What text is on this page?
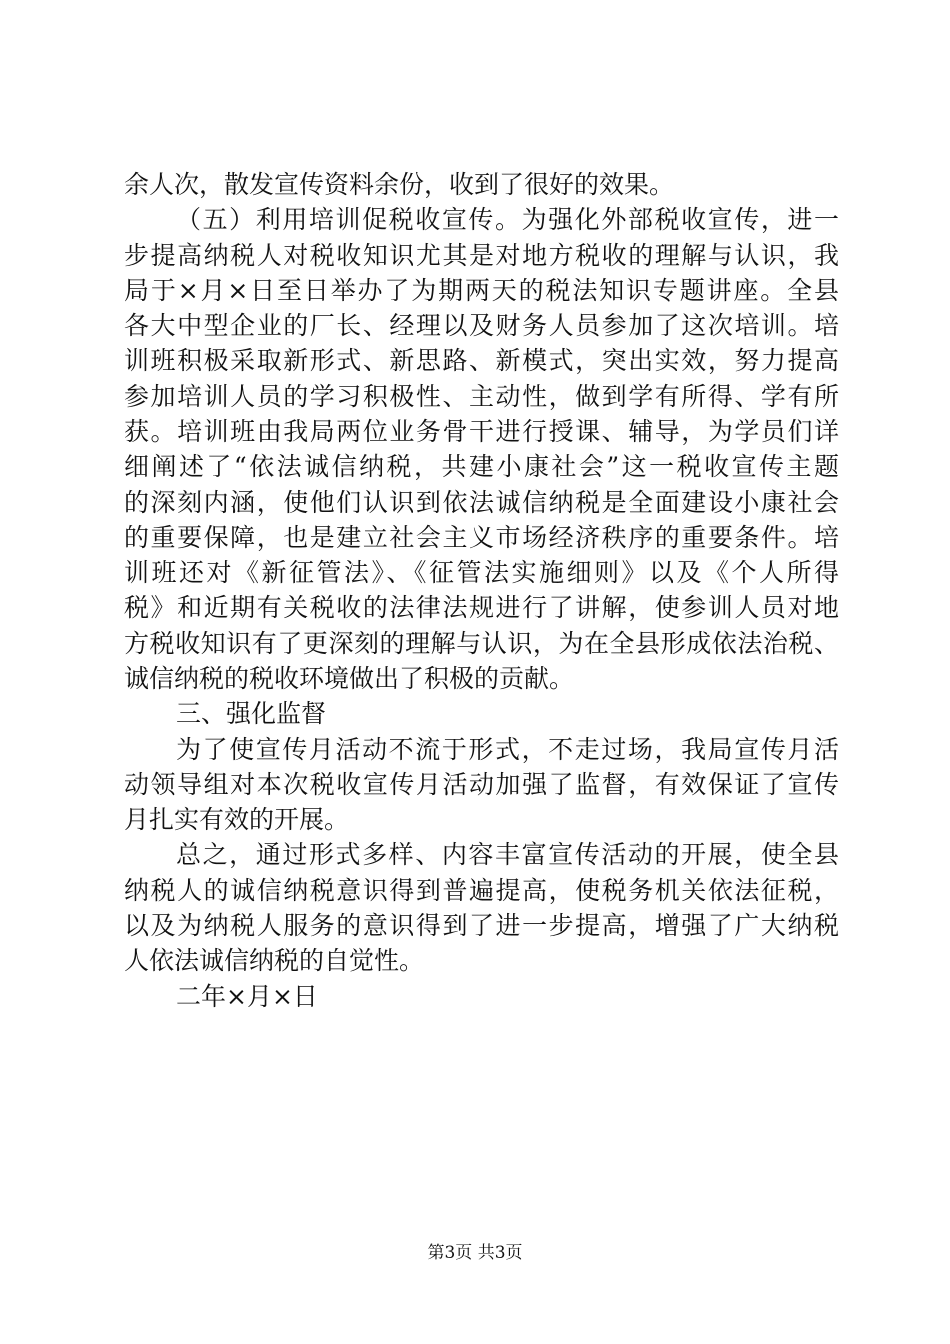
余人次，散发宣传资料余份，收到了很好的效果。
（五）利用培训促税收宣传。为强化外部税收宣传，进一
步提高纳税人对税收知识尤其是对地方税收的理解与认识，我
局于×月×日至日举办了为期两天的税法知识专题讲座。全县
各大中型企业的厂长、经理以及财务人员参加了这次培训。培
训班积极采取新形式、新思路、新模式，突出实效，努力提高
参加培训人员的学习积极性、主动性，做到学有所得、学有所
获。培训班由我局两位业务骨干进行授课、辅导，为学员们详
细阐述了“依法诚信纳税，共建小康社会”这一税收宣传主题
的深刻内涵，使他们认识到依法诚信纳税是全面建设小康社会
的重要保障，也是建立社会主义市场经济秩序的重要条件。培
训班还对《新征管法》、《征管法实施细则》以及《个人所得
税》和近期有关税收的法律法规进行了讲解，使参训人员对地
方税收知识有了更深刻的理解与认识，为在全县形成依法治税、
诚信纳税的税收环境做出了积极的贡献。
三、强化监督
为了使宣传月活动不流于形式，不走过场，我局宣传月活
动领导组对本次税收宣传月活动加强了监督，有效保证了宣传
月扎实有效的开展。
总之，通过形式多样、内容丰富宣传活动的开展，使全县
纳税人的诚信纳税意识得到普遍提高，使税务机关依法征税，
以及为纳税人服务的意识得到了进一步提高，增强了广大纳税
人依法诚信纳税的自觉性。
二年×月×日
第3页 共3页
